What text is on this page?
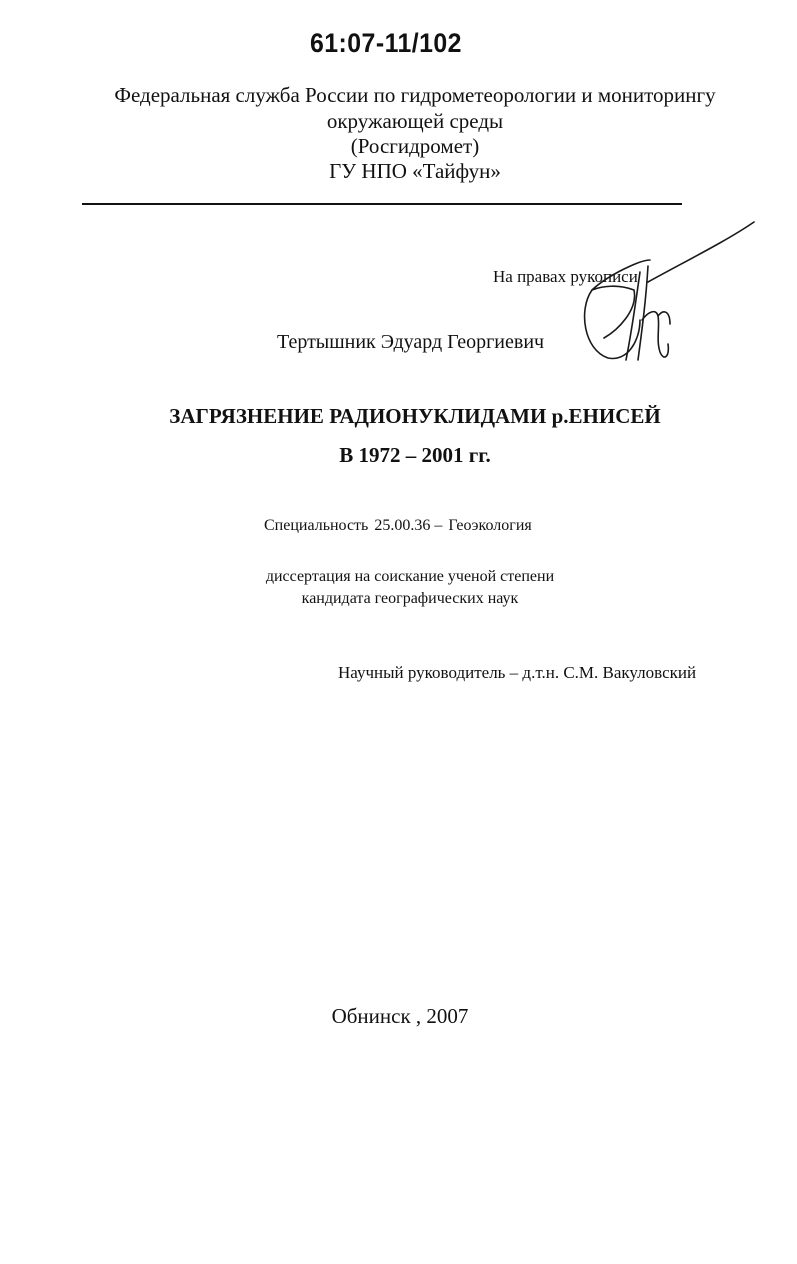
61:07-11/102
Федеральная служба России по гидрометеорологии и мониторингу
окружающей среды
(Росгидромет)
ГУ НПО «Тайфун»
На правах рукописи
Тертышник Эдуард Георгиевич
ЗАГРЯЗНЕНИЕ РАДИОНУКЛИДАМИ р.ЕНИСЕЙ
В 1972 – 2001 гг.
Специальность 25.00.36 – Геоэкология
диссертация на соискание ученой степени
кандидата географических наук
Научный руководитель – д.т.н. С.М. Вакуловский
Обнинск , 2007
